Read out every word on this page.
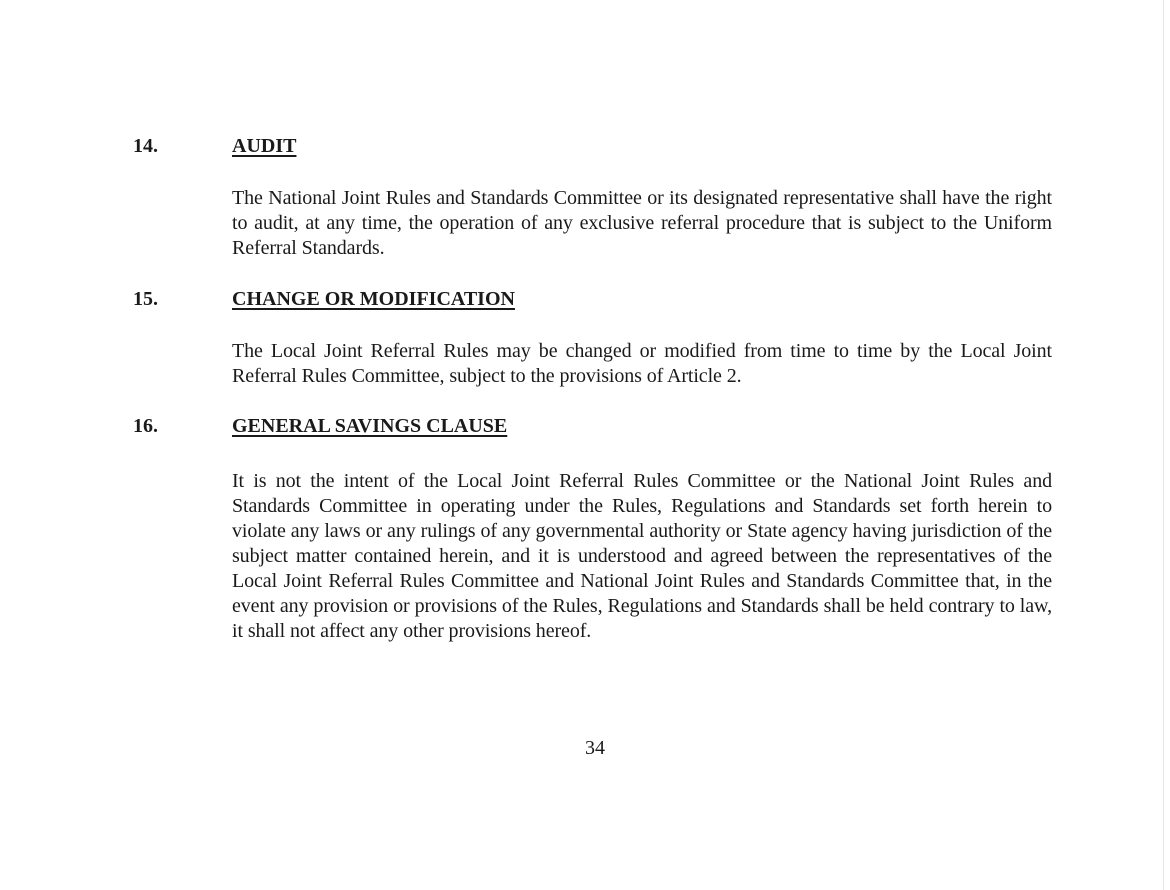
14.	AUDIT
The National Joint Rules and Standards Committee or its designated representative shall have the right to audit, at any time, the operation of any exclusive referral procedure that is subject to the Uniform Referral Standards.
15.	CHANGE OR MODIFICATION
The Local Joint Referral Rules may be changed or modified from time to time by the Local Joint Referral Rules Committee, subject to the provisions of Article 2.
16.	GENERAL SAVINGS CLAUSE
It is not the intent of the Local Joint Referral Rules Committee or the National Joint Rules and Standards Committee in operating under the Rules, Regulations and Standards set forth herein to violate any laws or any rulings of any governmental authority or State agency having jurisdiction of the subject matter contained herein, and it is understood and agreed between the representatives of the Local Joint Referral Rules Committee and National Joint Rules and Standards Committee that, in the event any provision or provisions of the Rules, Regulations and Standards shall be held contrary to law, it shall not affect any other provisions hereof.
34
